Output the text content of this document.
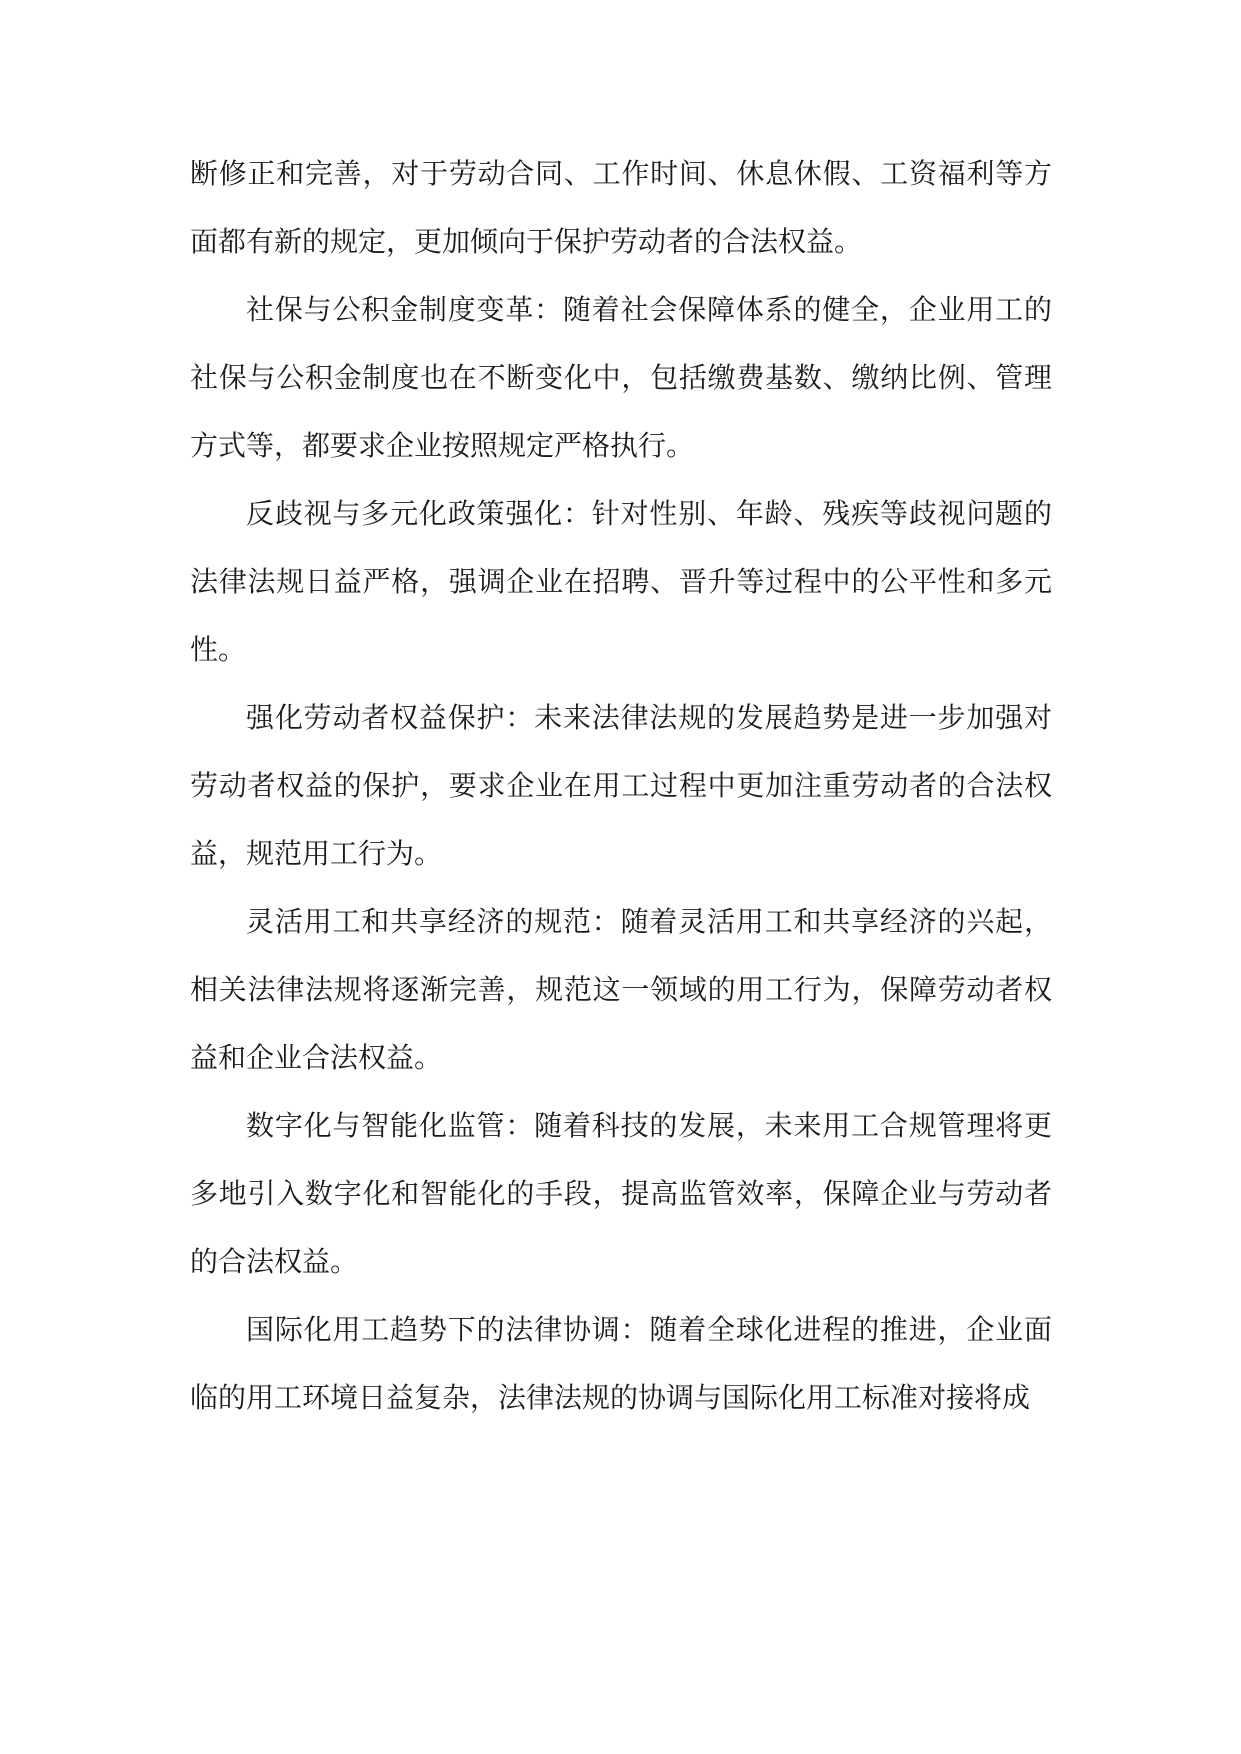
断修正和完善，对于劳动合同、工作时间、休息休假、工资福利等方面都有新的规定，更加倾向于保护劳动者的合法权益。

社保与公积金制度变革：随着社会保障体系的健全，企业用工的社保与公积金制度也在不断变化中，包括缴费基数、缴纳比例、管理方式等，都要求企业按照规定严格执行。

反歧视与多元化政策强化：针对性别、年龄、残疾等歧视问题的法律法规日益严格，强调企业在招聘、晋升等过程中的公平性和多元性。

强化劳动者权益保护：未来法律法规的发展趋势是进一步加强对劳动者权益的保护，要求企业在用工过程中更加注重劳动者的合法权益，规范用工行为。

灵活用工和共享经济的规范：随着灵活用工和共享经济的兴起，相关法律法规将逐渐完善，规范这一领域的用工行为，保障劳动者权益和企业合法权益。

数字化与智能化监管：随着科技的发展，未来用工合规管理将更多地引入数字化和智能化的手段，提高监管效率，保障企业与劳动者的合法权益。

国际化用工趋势下的法律协调：随着全球化进程的推进，企业面临的用工环境日益复杂，法律法规的协调与国际化用工标准对接将成
